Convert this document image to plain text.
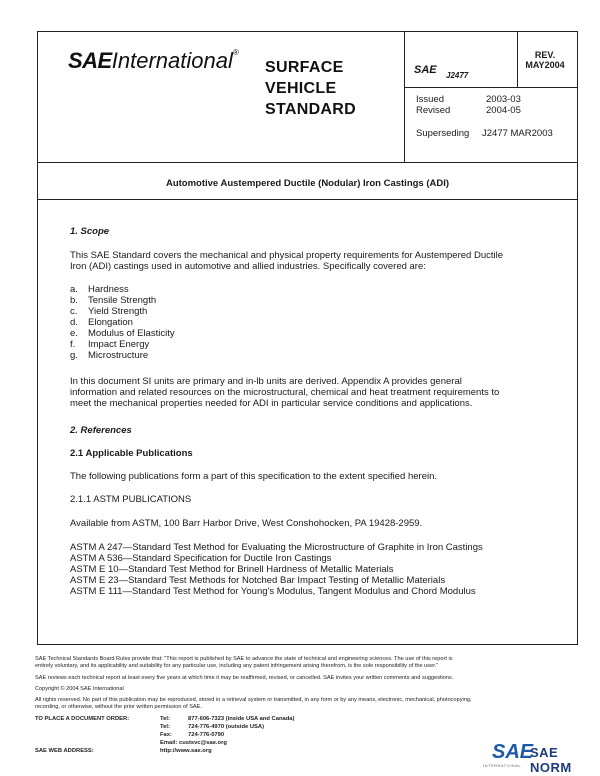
SAEInternational®
SURFACE
VEHICLE
STANDARD
SAE J2477
REV.
MAY2004
Issued	2003-03
Revised	2004-05
Superseding J2477 MAR2003
Automotive Austempered Ductile (Nodular) Iron Castings (ADI)
1. Scope
This SAE Standard covers the mechanical and physical property requirements for Austempered Ductile
Iron (ADI) castings used in automotive and allied industries. Specifically covered are:
a. Hardness
b. Tensile Strength
c. Yield Strength
d. Elongation
e. Modulus of Elasticity
f. Impact Energy
g. Microstructure
In this document SI units are primary and in-lb units are derived. Appendix A provides general
information and related resources on the microstructural, chemical and heat treatment requirements to
meet the mechanical properties needed for ADI in particular service conditions and applications.
2. References
2.1 Applicable Publications
The following publications form a part of this specification to the extent specified herein.
2.1.1 ASTM PUBLICATIONS
Available from ASTM, 100 Barr Harbor Drive, West Conshohocken, PA 19428-2959.
ASTM A 247—Standard Test Method for Evaluating the Microstructure of Graphite in Iron Castings
ASTM A 536—Standard Specification for Ductile Iron Castings
ASTM E 10—Standard Test Method for Brinell Hardness of Metallic Materials
ASTM E 23—Standard Test Methods for Notched Bar Impact Testing of Metallic Materials
ASTM E 111—Standard Test Method for Young's Modulus, Tangent Modulus and Chord Modulus
SAE Technical Standards Board Rules provide that: "This report is published by SAE to advance the state of technical and engineering sciences. The use of this report is
entirely voluntary, and its applicability and suitability for any particular use, including any patent infringement arising therefrom, is the sole responsibility of the user."
SAE reviews each technical report at least every five years at which time it may be reaffirmed, revised, or cancelled. SAE invites your written comments and suggestions.
Copyright © 2004 SAE International
All rights reserved. No part of this publication may be reproduced, stored in a retrieval system or transmitted, in any form or by any means, electronic, mechanical, photocopying,
recording, or otherwise, without the prior written permission of SAE.
TO PLACE A DOCUMENT ORDER:	Tel:	877-606-7323 (inside USA and Canada)
Tel:	724-776-4970 (outside USA)
Fax:	724-776-0790
Email: custsvc@sae.org
SAE WEB ADDRESS:	http://www.sae.org	SAE
SAE NORM
INTERNATIONAL
